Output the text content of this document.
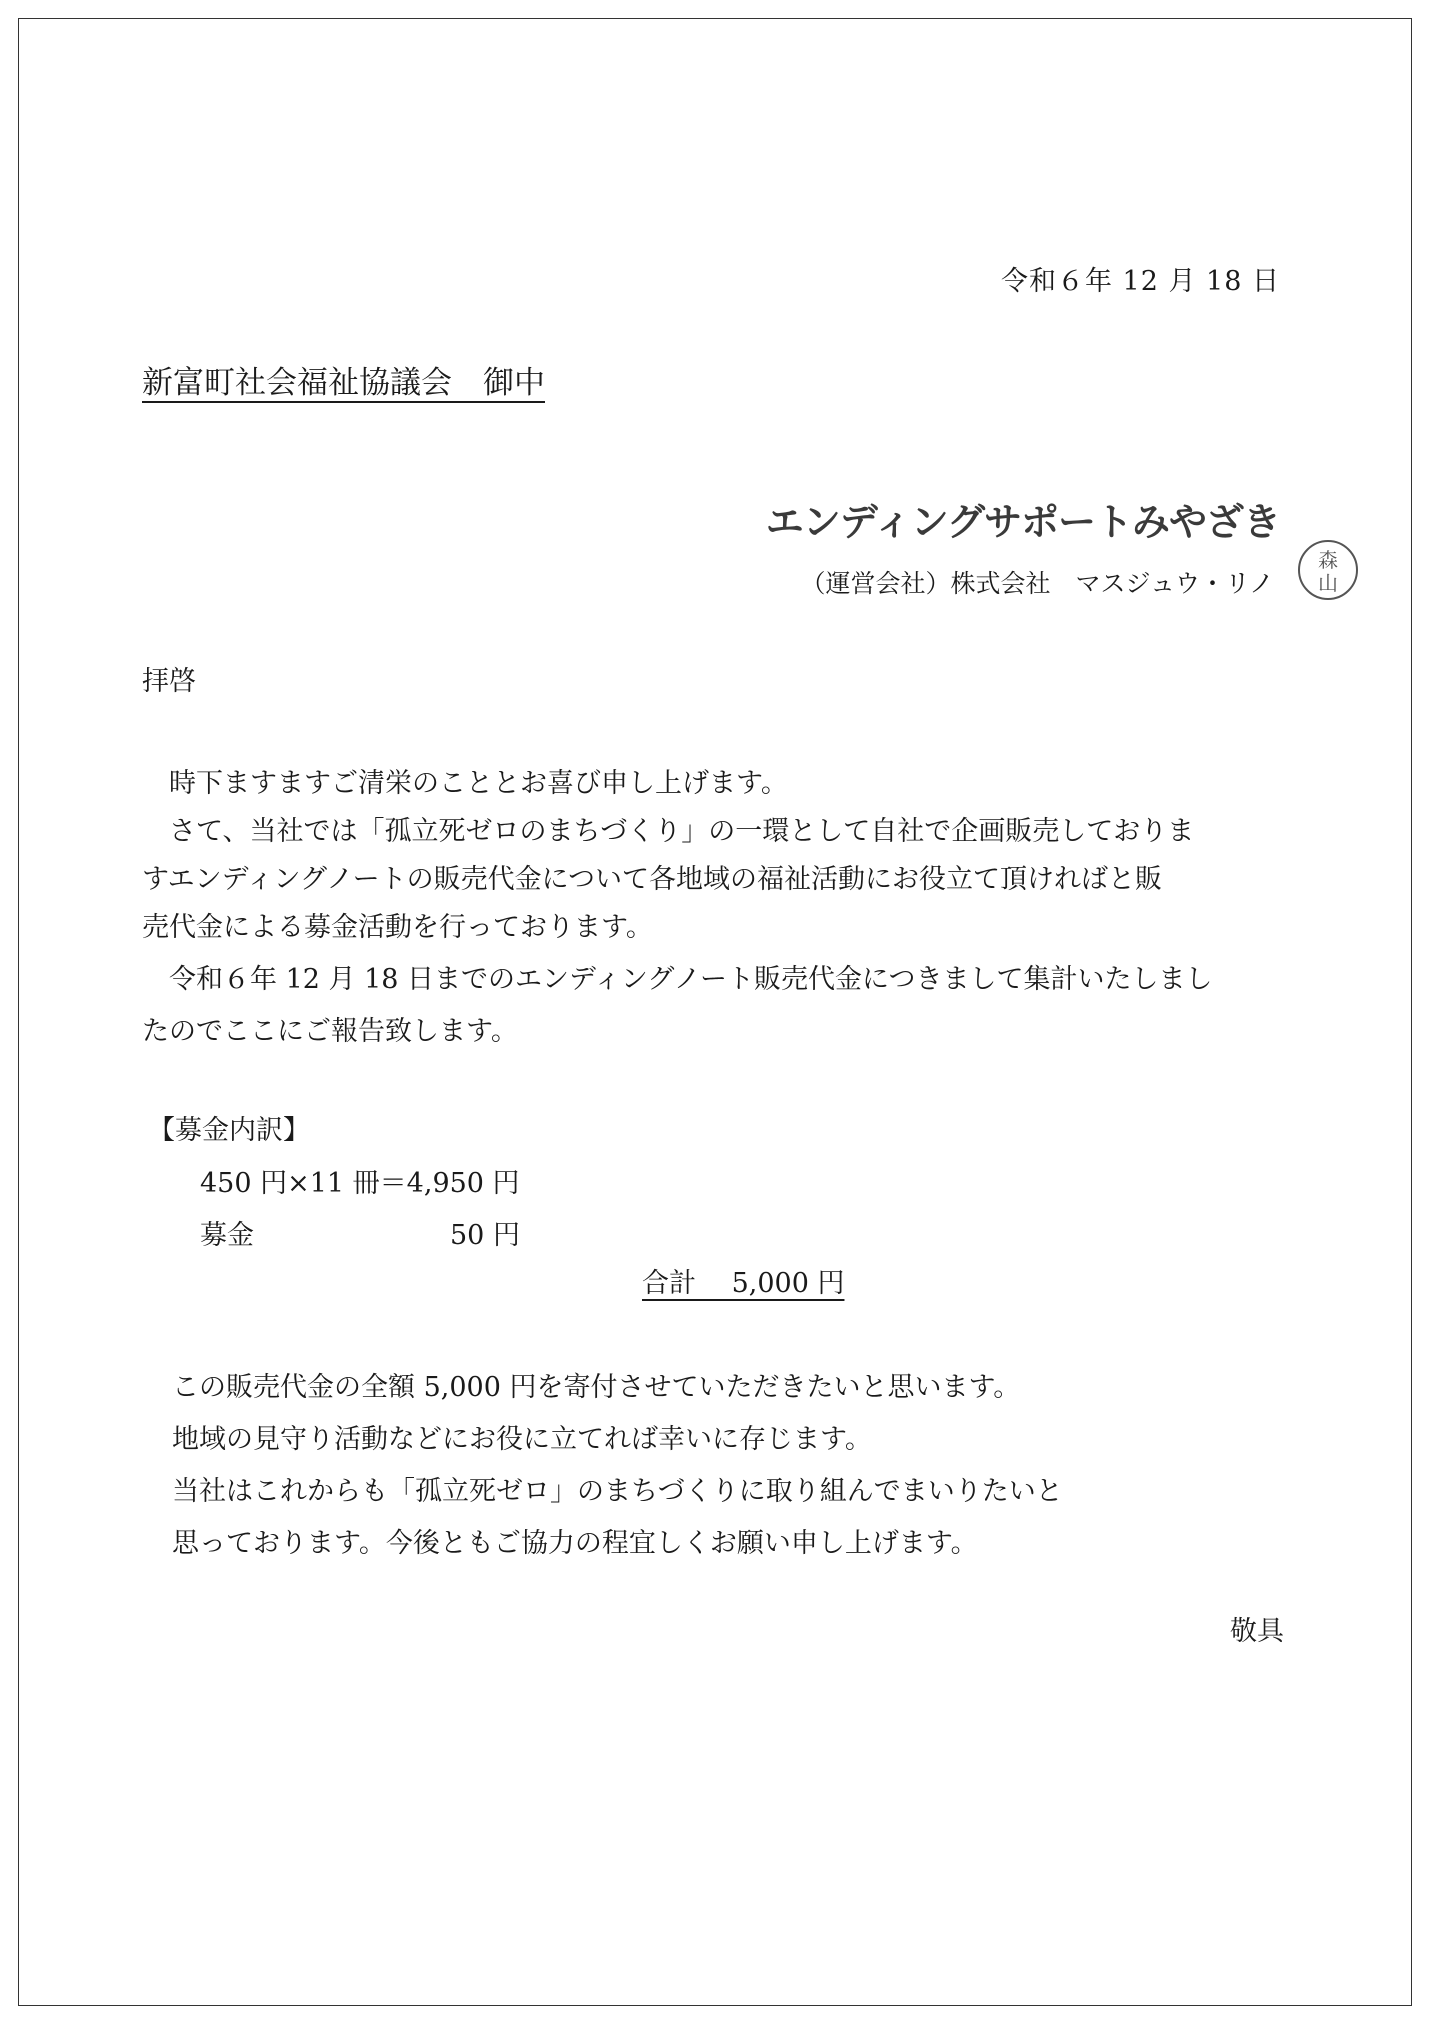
令和６年 12 月 18 日
新富町社会福祉協議会　御中
エンディングサポートみやざき
（運営会社）株式会社　マスジュウ・リノ
森
山
拝啓
　時下ますますご清栄のこととお喜び申し上げます。
　さて、当社では「孤立死ゼロのまちづくり」の一環として自社で企画販売しておりま
すエンディングノートの販売代金について各地域の福祉活動にお役立て頂ければと販
売代金による募金活動を行っております。
　令和６年 12 月 18 日までのエンディングノート販売代金につきまして集計いたしまし
たのでここにご報告致します。
【募金内訳】
450 円×11 冊＝4,950 円
募金	50 円
合計　 5,000 円
この販売代金の全額 5,000 円を寄付させていただきたいと思います。
地域の見守り活動などにお役に立てれば幸いに存じます。
当社はこれからも「孤立死ゼロ」のまちづくりに取り組んでまいりたいと
思っております。今後ともご協力の程宜しくお願い申し上げます。
敬具
